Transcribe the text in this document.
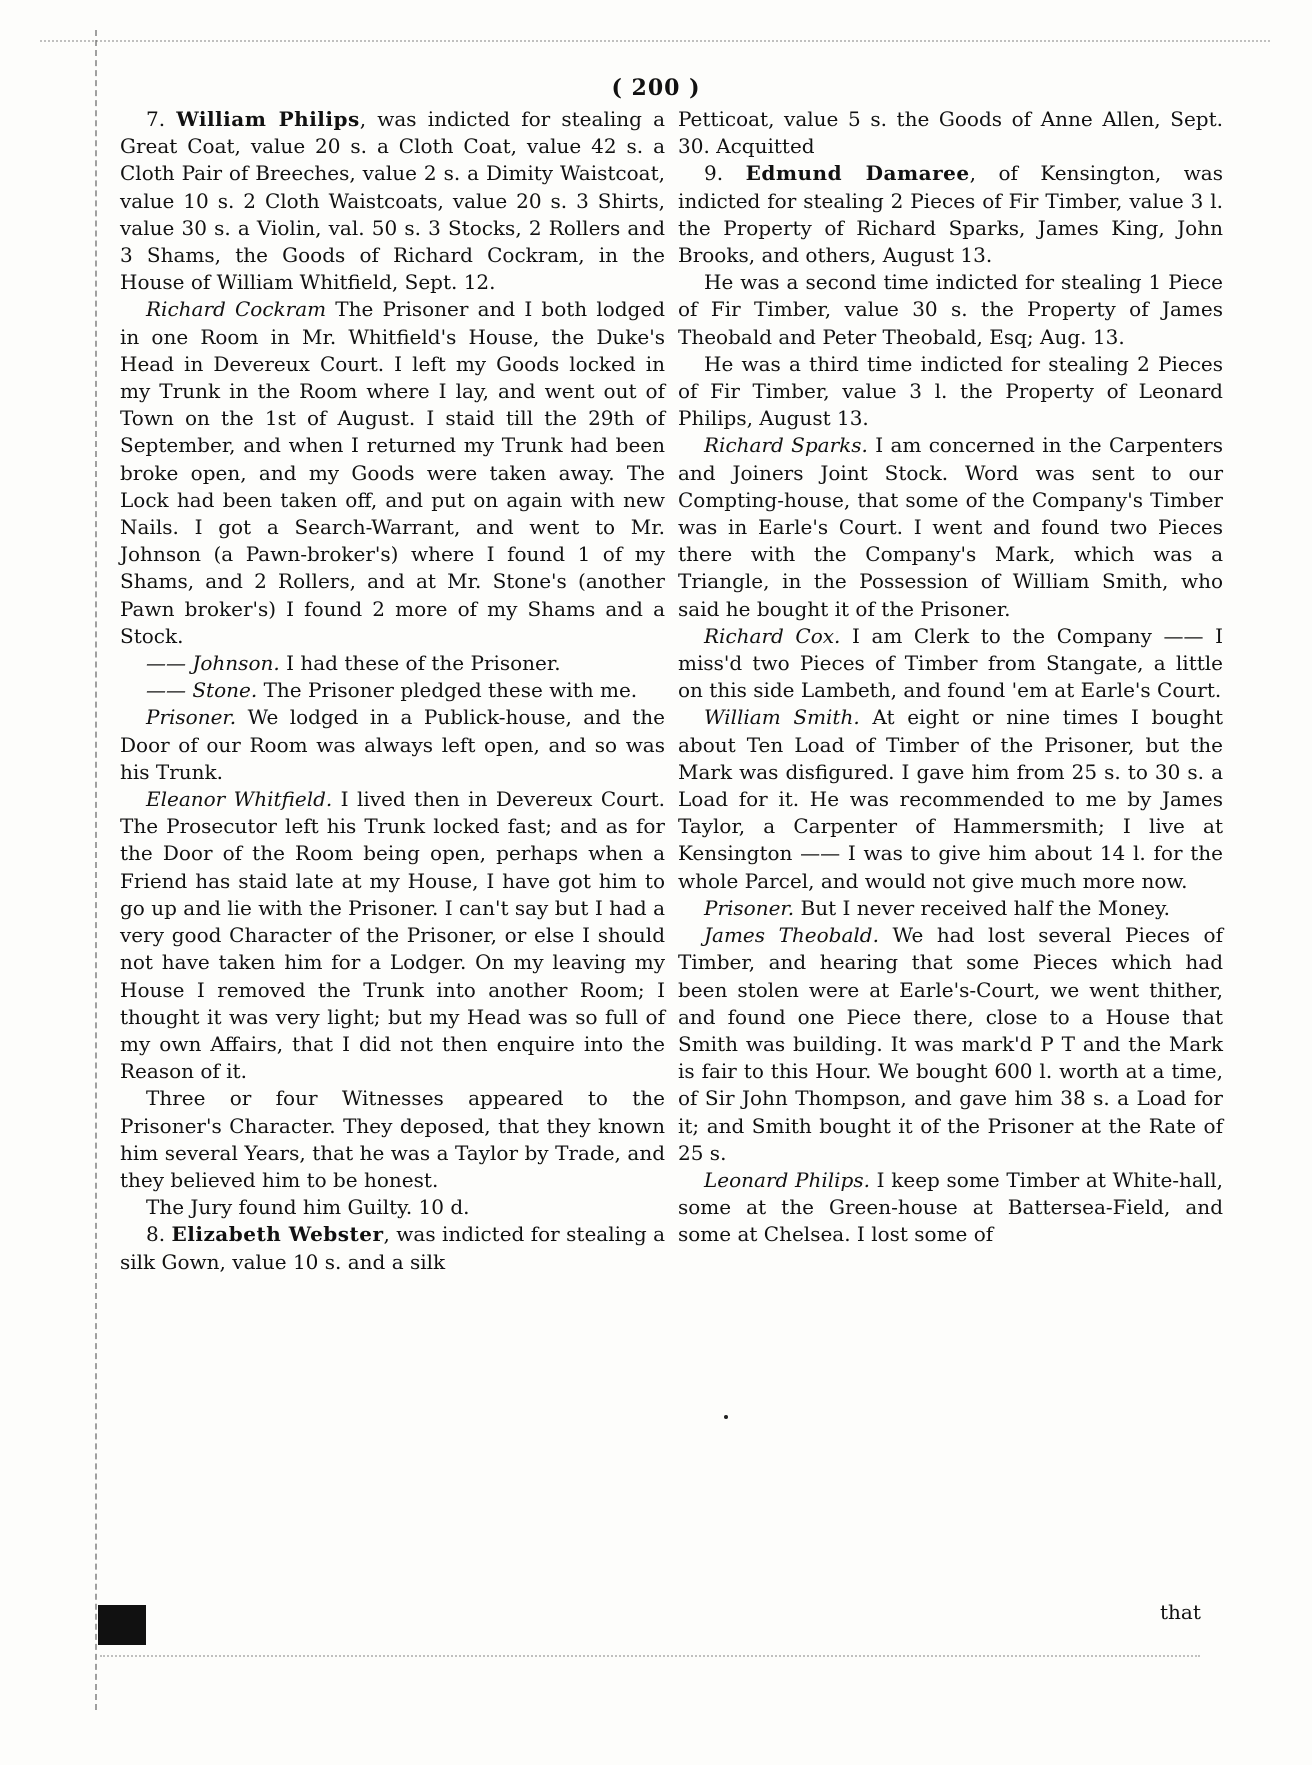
( 200 )

7. William Philips, was indicted for stealing a Great Coat, value 20 s. a Cloth Coat, value 42 s. a Cloth Pair of Breeches, value 2 s. a Dimity Waistcoat, value 10 s. 2 Cloth Waistcoats, value 20 s. 3 Shirts, value 30 s. a Violin, val. 50 s. 3 Stocks, 2 Rollers and 3 Shams, the Goods of Richard Cockram, in the House of William Whitfield, Sept. 12.

Richard Cockram The Prisoner and I both lodged in one Room in Mr. Whitfield's House, the Duke's Head in Devereux Court. I left my Goods locked in my Trunk in the Room where I lay, and went out of Town on the 1st of August. I staid till the 29th of September, and when I returned my Trunk had been broke open, and my Goods were taken away. The Lock had been taken off, and put on again with new Nails. I got a Search-Warrant, and went to Mr. Johnson (a Pawn-broker's) where I found 1 of my Shams, and 2 Rollers, and at Mr. Stone's (another Pawn broker's) I found 2 more of my Shams and a Stock.

—— Johnson. I had these of the Prisoner.

—— Stone. The Prisoner pledged these with me.

Prisoner. We lodged in a Publick-house, and the Door of our Room was always left open, and so was his Trunk.

Eleanor Whitfield. I lived then in Devereux Court. The Prosecutor left his Trunk locked fast; and as for the Door of the Room being open, perhaps when a Friend has staid late at my House, I have got him to go up and lie with the Prisoner. I can't say but I had a very good Character of the Prisoner, or else I should not have taken him for a Lodger. On my leaving my House I removed the Trunk into another Room; I thought it was very light; but my Head was so full of my own Affairs, that I did not then enquire into the Reason of it.

Three or four Witnesses appeared to the Prisoner's Character. They deposed, that they known him several Years, that he was a Taylor by Trade, and they believed him to be honest.

The Jury found him Guilty. 10 d.

8. Elizabeth Webster, was indicted for stealing a silk Gown, value 10 s. and a silk

Petticoat, value 5 s. the Goods of Anne Allen, Sept. 30. Acquitted

9. Edmund Damaree, of Kensington, was indicted for stealing 2 Pieces of Fir Timber, value 3 l. the Property of Richard Sparks, James King, John Brooks, and others, August 13.

He was a second time indicted for stealing 1 Piece of Fir Timber, value 30 s. the Property of James Theobald and Peter Theobald, Esq; Aug. 13.

He was a third time indicted for stealing 2 Pieces of Fir Timber, value 3 l. the Property of Leonard Philips, August 13.

Richard Sparks. I am concerned in the Carpenters and Joiners Joint Stock. Word was sent to our Compting-house, that some of the Company's Timber was in Earle's Court. I went and found two Pieces there with the Company's Mark, which was a Triangle, in the Possession of William Smith, who said he bought it of the Prisoner.

Richard Cox. I am Clerk to the Company —— I miss'd two Pieces of Timber from Stangate, a little on this side Lambeth, and found 'em at Earle's Court.

William Smith. At eight or nine times I bought about Ten Load of Timber of the Prisoner, but the Mark was disfigured. I gave him from 25 s. to 30 s. a Load for it. He was recommended to me by James Taylor, a Carpenter of Hammersmith; I live at Kensington —— I was to give him about 14 l. for the whole Parcel, and would not give much more now.

Prisoner. But I never received half the Money.

James Theobald. We had lost several Pieces of Timber, and hearing that some Pieces which had been stolen were at Earle's-Court, we went thither, and found one Piece there, close to a House that Smith was building. It was mark'd P T and the Mark is fair to this Hour. We bought 600 l. worth at a time, of Sir John Thompson, and gave him 38 s. a Load for it; and Smith bought it of the Prisoner at the Rate of 25 s.

Leonard Philips. I keep some Timber at White-hall, some at the Green-house at Battersea-Field, and some at Chelsea. I lost some of

that
